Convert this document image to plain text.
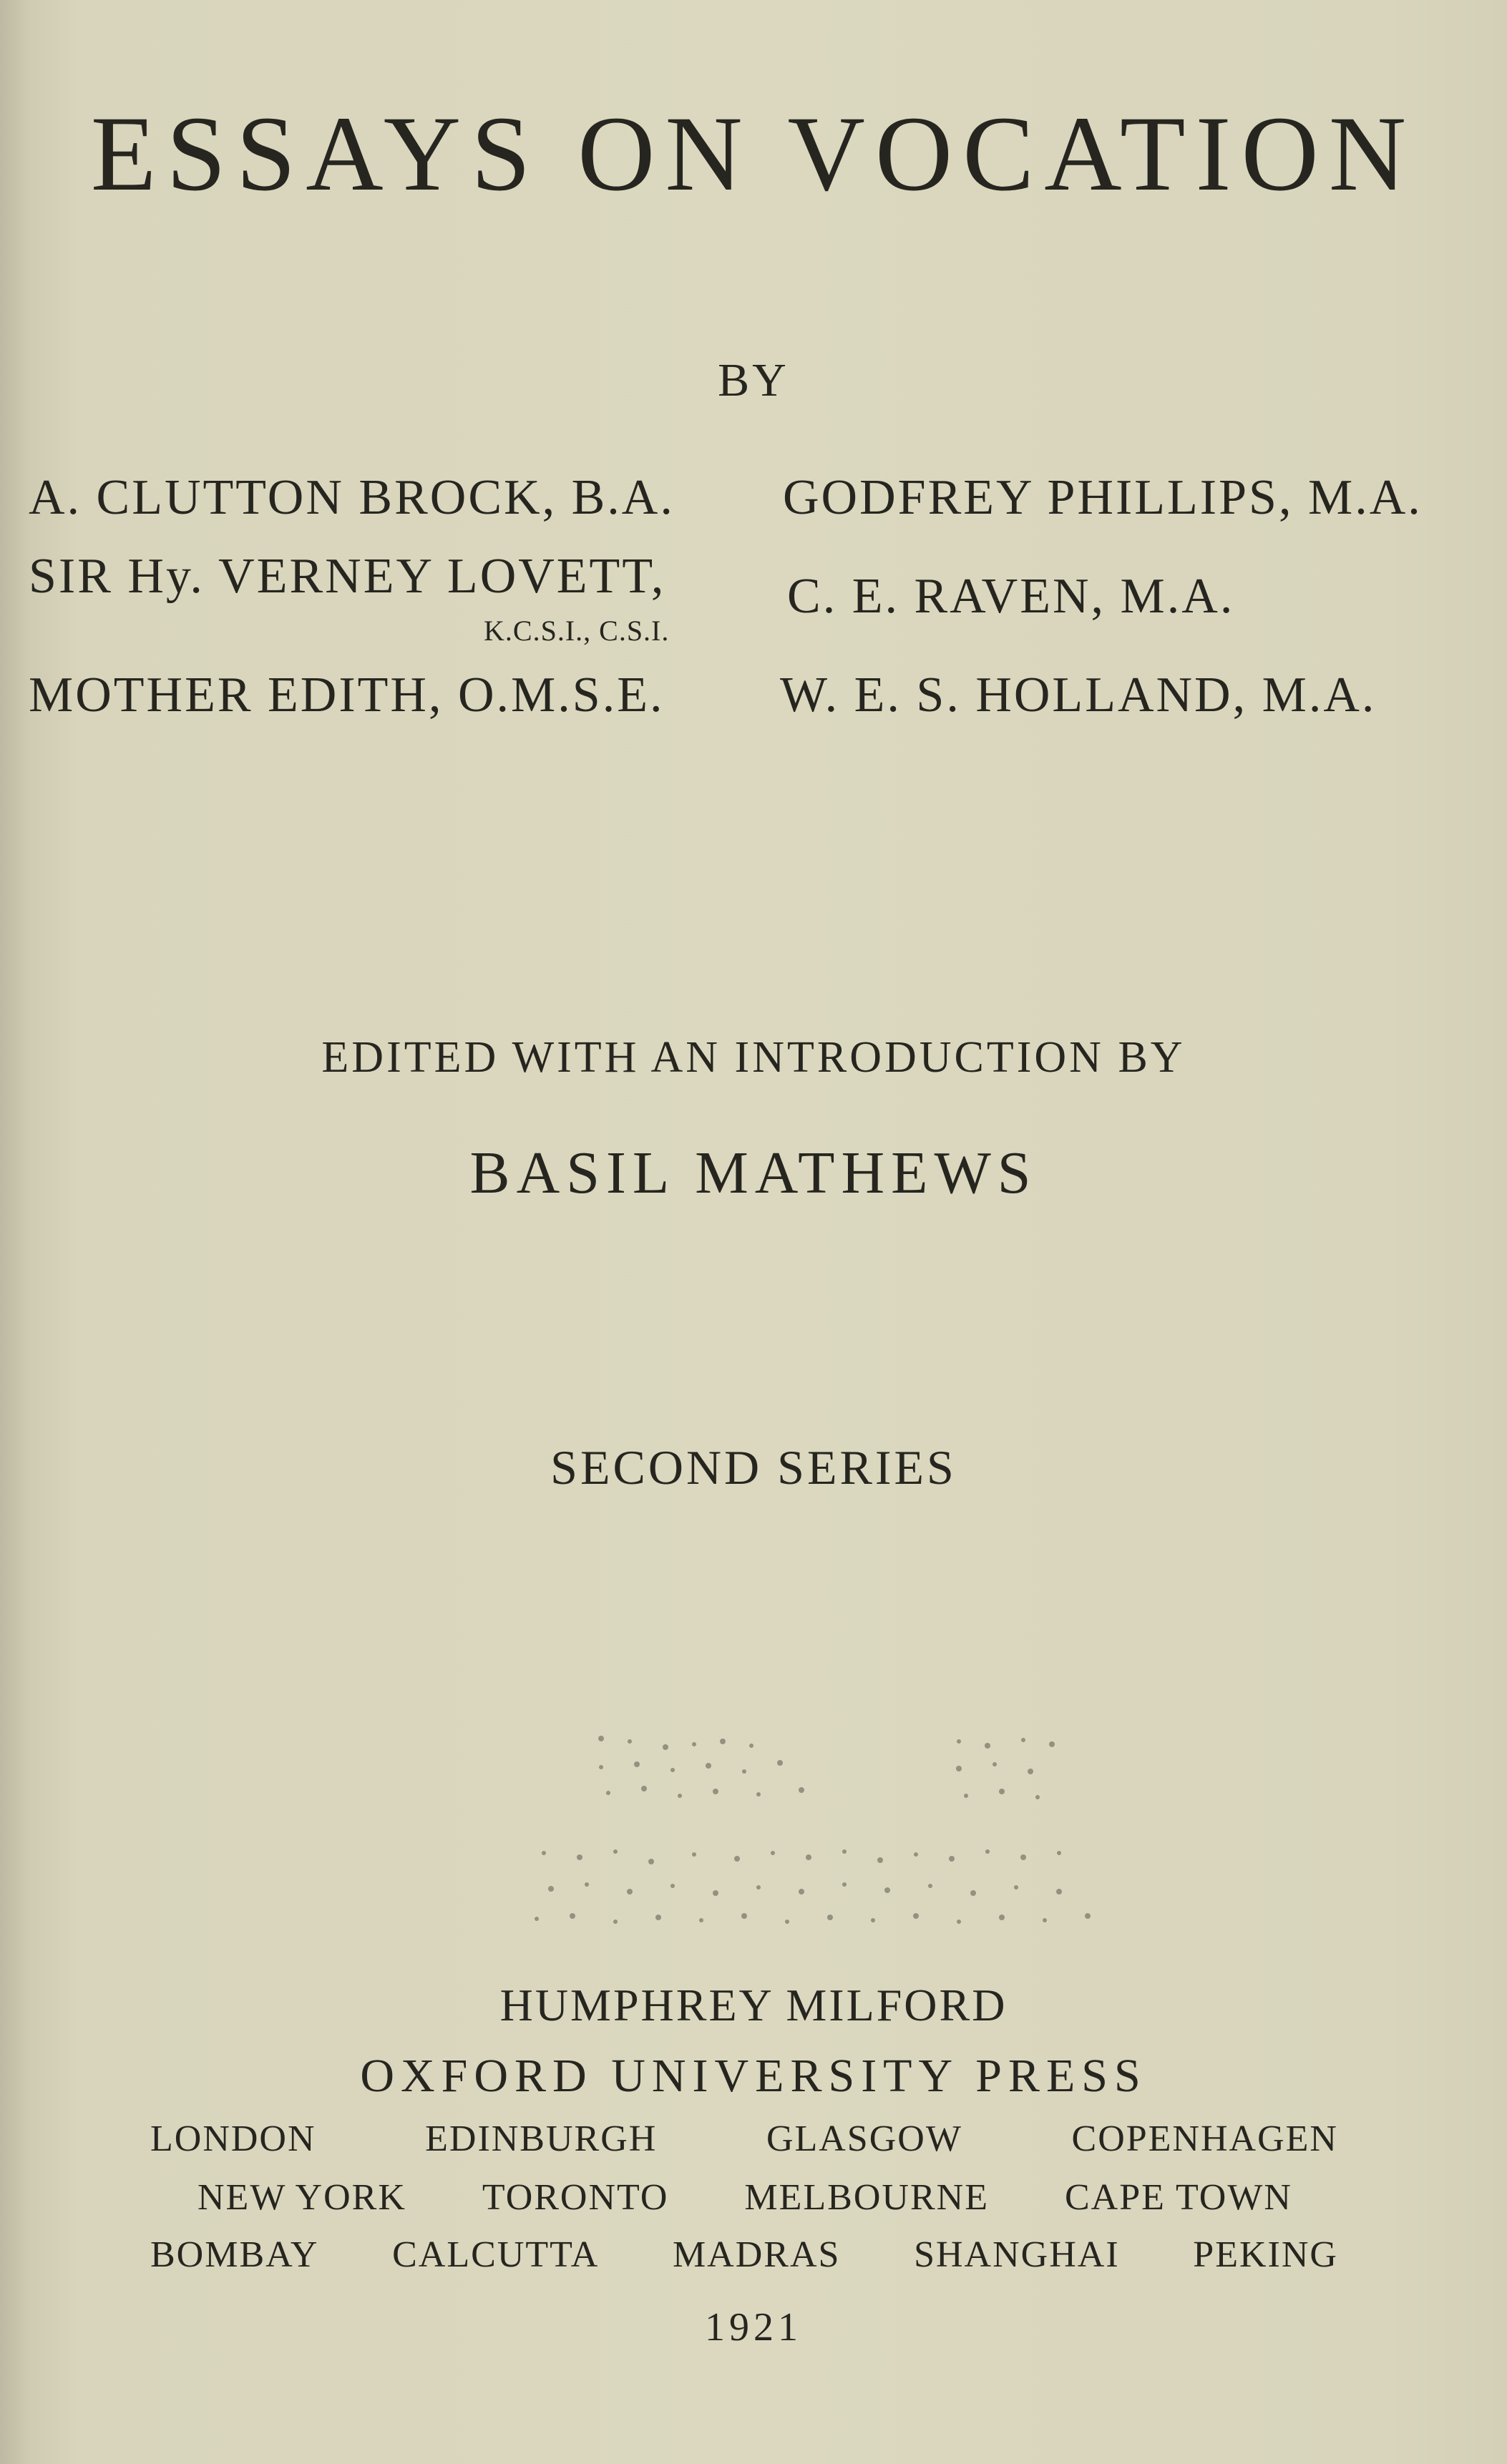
ESSAYS ON VOCATION
BY
A. CLUTTON BROCK, B.A.
SIR Hy. VERNEY LOVETT,
K.C.S.I., C.S.I.
MOTHER EDITH, O.M.S.E.
GODFREY PHILLIPS, M.A.
C. E. RAVEN, M.A.
W. E. S. HOLLAND, M.A.
EDITED WITH AN INTRODUCTION BY
BASIL MATHEWS
SECOND SERIES
HUMPHREY MILFORD
OXFORD UNIVERSITY PRESS
LONDON	EDINBURGH	GLASGOW	COPENHAGEN
NEW YORK TORONTO MELBOURNE CAPE TOWN
BOMBAY CALCUTTA MADRAS SHANGHAI PEKING
1921
